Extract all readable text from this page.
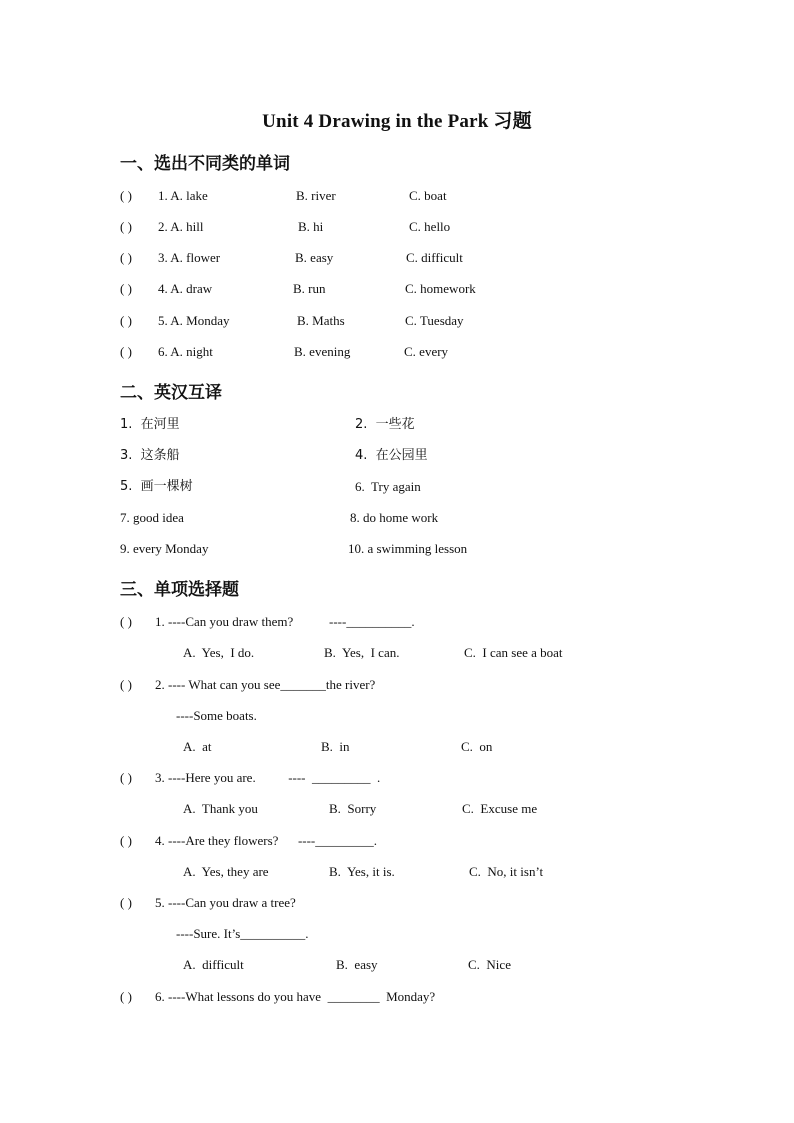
Unit 4 Drawing in the Park 习题
一、选出不同类的单词
( ) 1. A. lake	B. river	C. boat
( ) 2. A. hill	B. hi	C. hello
( ) 3. A. flower	B. easy	C. difficult
( ) 4. A. draw	B. run	C. homework
( ) 5. A. Monday	B. Maths	C. Tuesday
( ) 6. A. night	B. evening	C. every
二、英汉互译
1.  在河里	2.  一些花
3.  这条船	4.  在公园里
5.  画一棵树	6.  Try again
7. good idea	8. do home work
9. every Monday	10. a swimming lesson
三、单项选择题
( ) 1. ----Can you draw them?           ----__________.
A.  Yes,  I do.	B.  Yes,  I can.	C.  I can see a boat
( ) 2. ---- What can you see_______the river?
----Some boats.
A.  at	B.  in	C.  on
( ) 3. ----Here you are.          ----  _________  .
A.  Thank you	B.  Sorry	C.  Excuse me
( ) 4. ----Are they flowers?      ----_________.
A.  Yes, they are	B.  Yes, it is.	C.  No, it isn’t
( ) 5. ----Can you draw a tree?
----Sure. It’s__________.
A.  difficult	B.  easy	C.  Nice
( ) 6. ----What lessons do you have  ________  Monday?
